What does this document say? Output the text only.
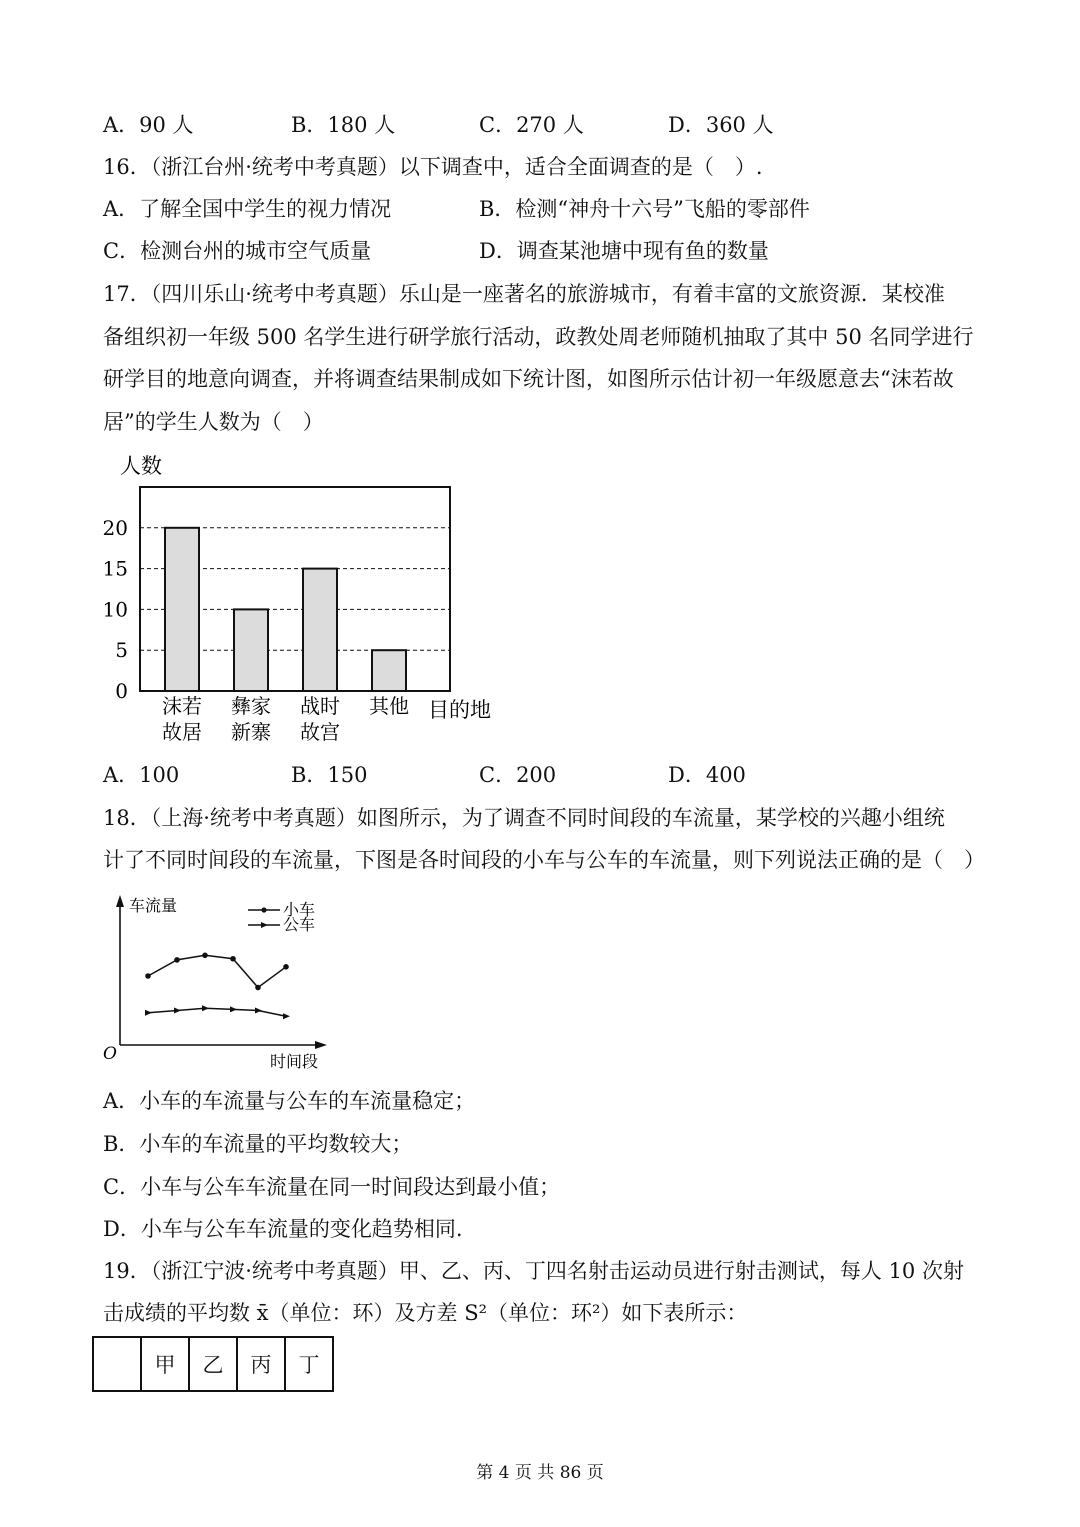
A．90 人	B．180 人	C．270 人	D．360 人
16．（浙江台州·统考中考真题）以下调查中，适合全面调查的是（　）.
A．了解全国中学生的视力情况	B．检测“神舟十六号”飞船的零部件
C．检测台州的城市空气质量	D．调查某池塘中现有鱼的数量
17．（四川乐山·统考中考真题）乐山是一座著名的旅游城市，有着丰富的文旅资源．某校准
备组织初一年级 500 名学生进行研学旅行活动，政教处周老师随机抽取了其中 50 名同学进行
研学目的地意向调查，并将调查结果制成如下统计图，如图所示估计初一年级愿意去“沫若故
居”的学生人数为（　）
0
5
10
15
20
人数
沫若
故居
彝家
新寨
战时
故宫
其他 目的地
A．100	B．150	C．200	D．400
18．（上海·统考中考真题）如图所示，为了调查不同时间段的车流量，某学校的兴趣小组统
计了不同时间段的车流量，下图是各时间段的小车与公车的车流量，则下列说法正确的是（　）
车流量
时间段
O
小车
公车
A．小车的车流量与公车的车流量稳定；
B．小车的车流量的平均数较大；
C．小车与公车车流量在同一时间段达到最小值；
D．小车与公车车流量的变化趋势相同.
19．（浙江宁波·统考中考真题）甲、乙、丙、丁四名射击运动员进行射击测试，每人 10 次射
击成绩的平均数 x̄（单位：环）及方差 S²（单位：环²）如下表所示：
	甲	乙	丙	丁
第 4 页 共 86 页
